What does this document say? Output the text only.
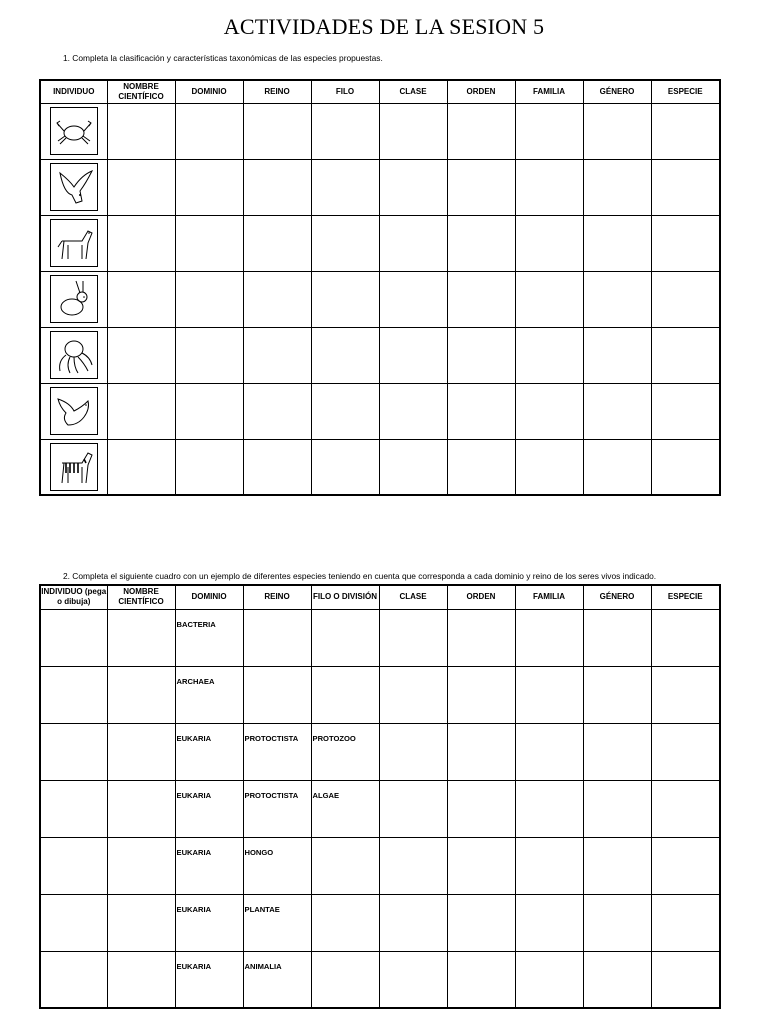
ACTIVIDADES DE LA SESION 5
1. Completa la clasificación y características taxonómicas de las especies propuestas.
INDIVIDUO	NOMBRE CIENTÍFICO	DOMINIO	REINO	FILO	CLASE	ORDEN	FAMILIA	GÉNERO	ESPECIE

2. Completa el siguiente cuadro con un ejemplo de diferentes especies teniendo en cuenta que corresponda a cada dominio y reino de los seres vivos indicado.
INDIVIDUO (pega o dibuja)	NOMBRE CIENTÍFICO	DOMINIO	REINO	FILO O DIVISIÓN	CLASE	ORDEN	FAMILIA	GÉNERO	ESPECIE

		BACTERIA							

		ARCHAEA							

		EUKARIA	PROTOCTISTA	PROTOZOO					

		EUKARIA	PROTOCTISTA	ALGAE					

		EUKARIA	HONGO						

		EUKARIA	PLANTAE						

		EUKARIA	ANIMALIA						
